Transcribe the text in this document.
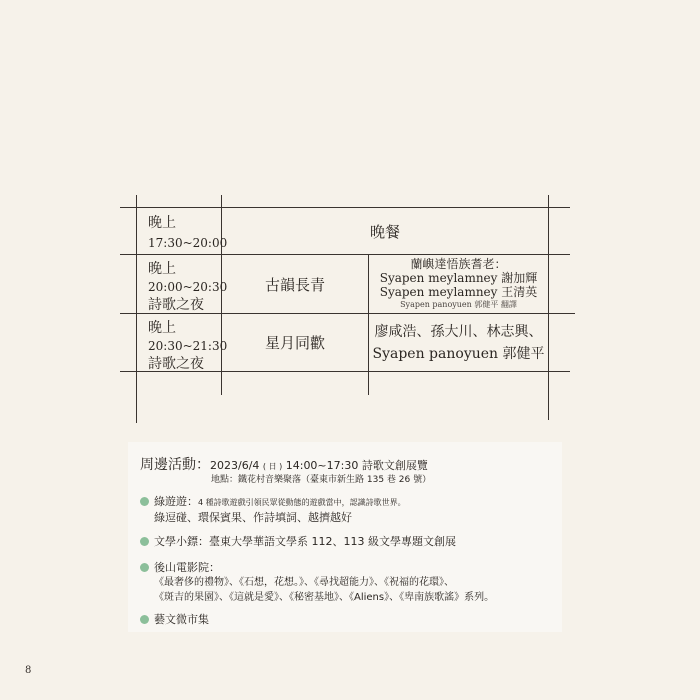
晚上
17:30~20:00
晚餐
晚上
20:00~20:30
詩歌之夜
古韻長青
蘭嶼達悟族耆老：
Syapen meylamney 謝加輝
Syapen meylamney 王清英
Syapen panoyuen 郭健平 翻譯
晚上
20:30~21:30
詩歌之夜
星月同歡
廖咸浩、孫大川、林志興、
Syapen panoyuen 郭健平
周邊活動：2023/6/4 ( 日 ) 14:00~17:30 詩歌文創展覽
地點：鐵花村音樂聚落（臺東市新生路 135 巷 26 號）
綠遊遊：4 種詩歌遊戲引領民眾從動態的遊戲當中，認識詩歌世界。
綠逗碰、環保賓果、作詩填詞、越擠越好
文學小鏢：臺東大學華語文學系 112、113 級文學專題文創展
後山電影院：
《最奢侈的禮物》、《石想，花想。》、《尋找超能力》、《祝福的花環》、
《斑吉的果園》、《這就是愛》、《秘密基地》、《Aliens》、《卑南族歌謠》系列。
藝文微市集
8
